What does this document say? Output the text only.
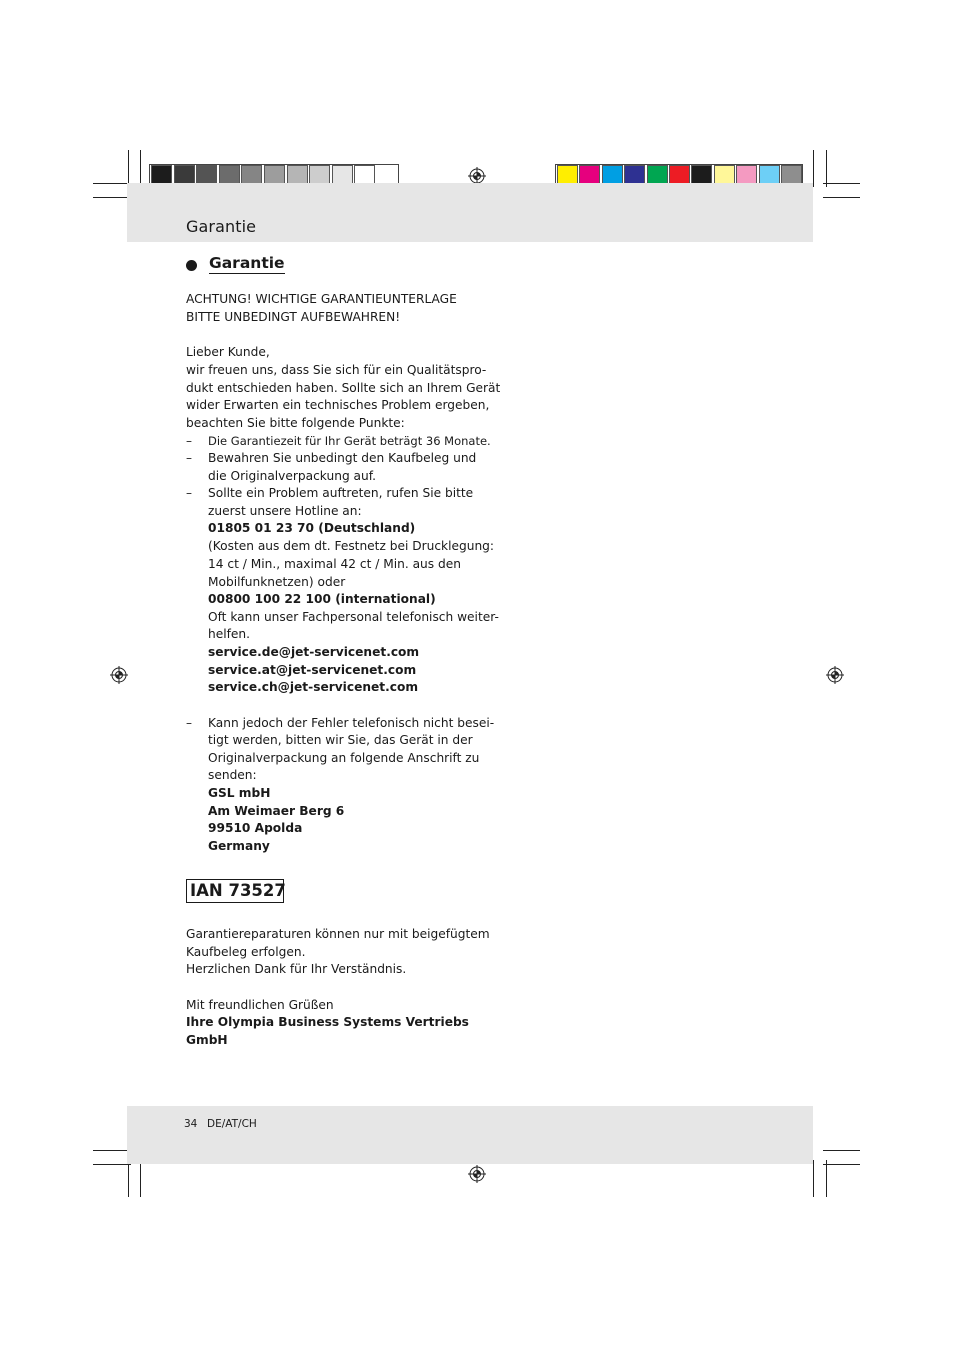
Garantie
Garantie
ACHTUNG! WICHTIGE GARANTIEUNTERLAGE
BITTE UNBEDINGT AUFBEWAHREN!
Lieber Kunde,
wir freuen uns, dass Sie sich für ein Qualitätspro-
dukt entschieden haben. Sollte sich an Ihrem Gerät
wider Erwarten ein technisches Problem ergeben,
beachten Sie bitte folgende Punkte:
– Die Garantiezeit für Ihr Gerät beträgt 36 Monate.
– Bewahren Sie unbedingt den Kaufbeleg und
die Originalverpackung auf.
– Sollte ein Problem auftreten, rufen Sie bitte
zuerst unsere Hotline an:
01805 01 23 70 (Deutschland)
(Kosten aus dem dt. Festnetz bei Drucklegung:
14 ct / Min., maximal 42 ct / Min. aus den
Mobilfunknetzen) oder
00800 100 22 100 (international)
Oft kann unser Fachpersonal telefonisch weiter-
helfen.
service.de@jet-servicenet.com
service.at@jet-servicenet.com
service.ch@jet-servicenet.com
– Kann jedoch der Fehler telefonisch nicht besei-
tigt werden, bitten wir Sie, das Gerät in der
Originalverpackung an folgende Anschrift zu
senden:
GSL mbH
Am Weimaer Berg 6
99510 Apolda
Germany
IAN 73527
Garantiereparaturen können nur mit beigefügtem
Kaufbeleg erfolgen.
Herzlichen Dank für Ihr Verständnis.
Mit freundlichen Grüßen
Ihre Olympia Business Systems Vertriebs
GmbH
34 DE/AT/CH
